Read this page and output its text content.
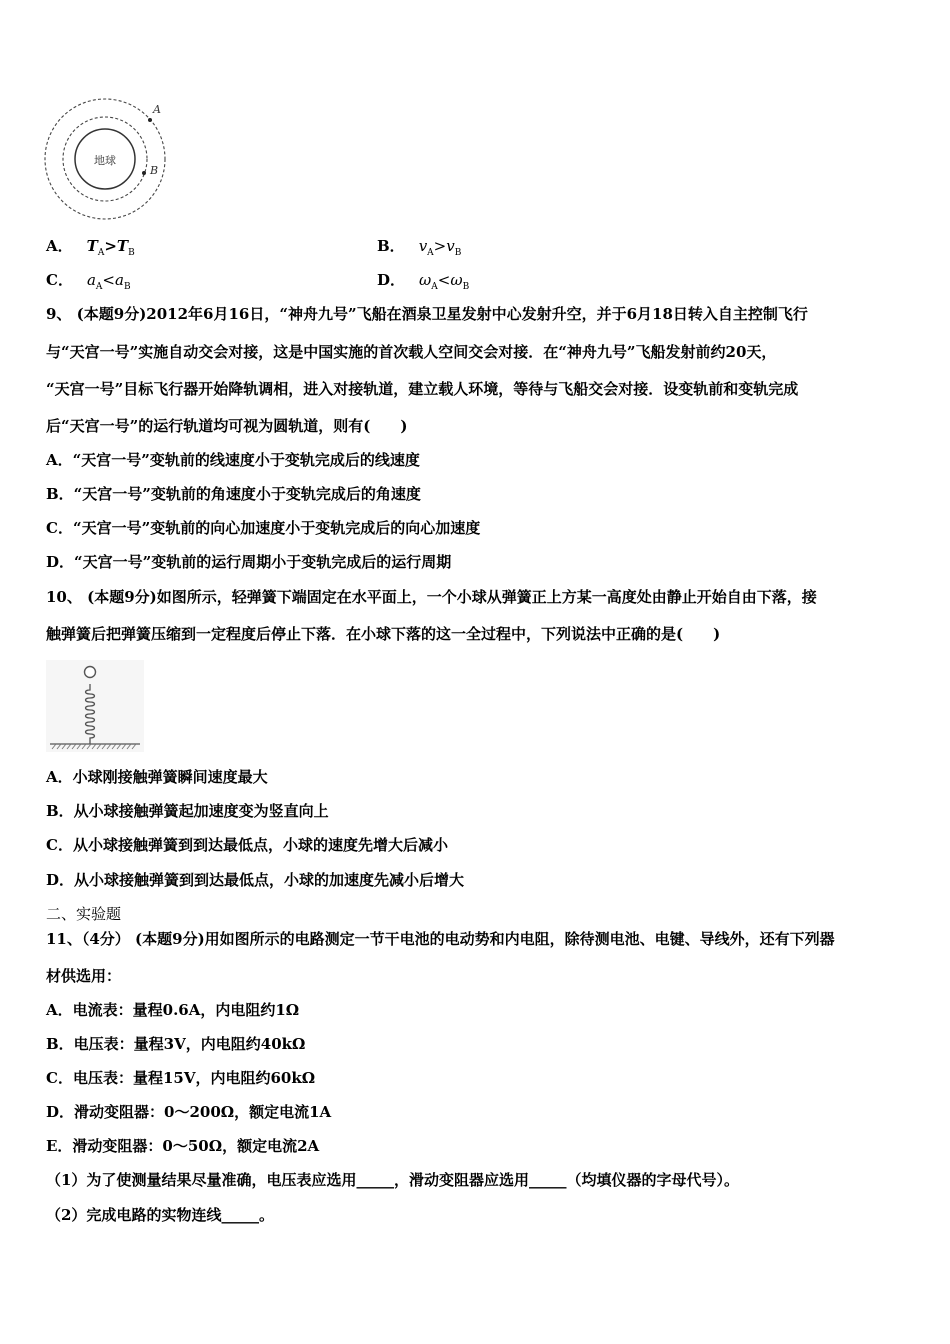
地球
A
B
A． $T_A>T_B$	B． $v_A>v_B$
C． $a_A<a_B$	D． $\omega_A<\omega_B$
9、 (本题9分)2012年6月16日，“神舟九号”飞船在酒泉卫星发射中心发射升空，并于6月18日转入自主控制飞行
与“天宫一号”实施自动交会对接，这是中国实施的首次载人空间交会对接．在“神舟九号”飞船发射前约20天，
“天宫一号”目标飞行器开始降轨调相，进入对接轨道，建立载人环境，等待与飞船交会对接．设变轨前和变轨完成
后“天宫一号”的运行轨道均可视为圆轨道，则有(　　)
A．“天宫一号”变轨前的线速度小于变轨完成后的线速度
B．“天宫一号”变轨前的角速度小于变轨完成后的角速度
C．“天宫一号”变轨前的向心加速度小于变轨完成后的向心加速度
D．“天宫一号”变轨前的运行周期小于变轨完成后的运行周期
10、 (本题9分)如图所示，轻弹簧下端固定在水平面上，一个小球从弹簧正上方某一高度处由静止开始自由下落，接
触弹簧后把弹簧压缩到一定程度后停止下落．在小球下落的这一全过程中，下列说法中正确的是(　　)
A．小球刚接触弹簧瞬间速度最大
B．从小球接触弹簧起加速度变为竖直向上
C．从小球接触弹簧到到达最低点，小球的速度先增大后减小
D．从小球接触弹簧到到达最低点，小球的加速度先减小后增大
二、实验题
11、（4分） (本题9分)用如图所示的电路测定一节干电池的电动势和内电阻，除待测电池、电键、导线外，还有下列器
材供选用：
A．电流表：量程0.6A，内电阻约1Ω
B．电压表：量程3V，内电阻约40kΩ
C．电压表：量程15V，内电阻约60kΩ
D．滑动变阻器：0～200Ω，额定电流1A
E．滑动变阻器：0～50Ω，额定电流2A
（1）为了使测量结果尽量准确，电压表应选用_____，滑动变阻器应选用_____（均填仪器的字母代号）。
（2）完成电路的实物连线_____。
